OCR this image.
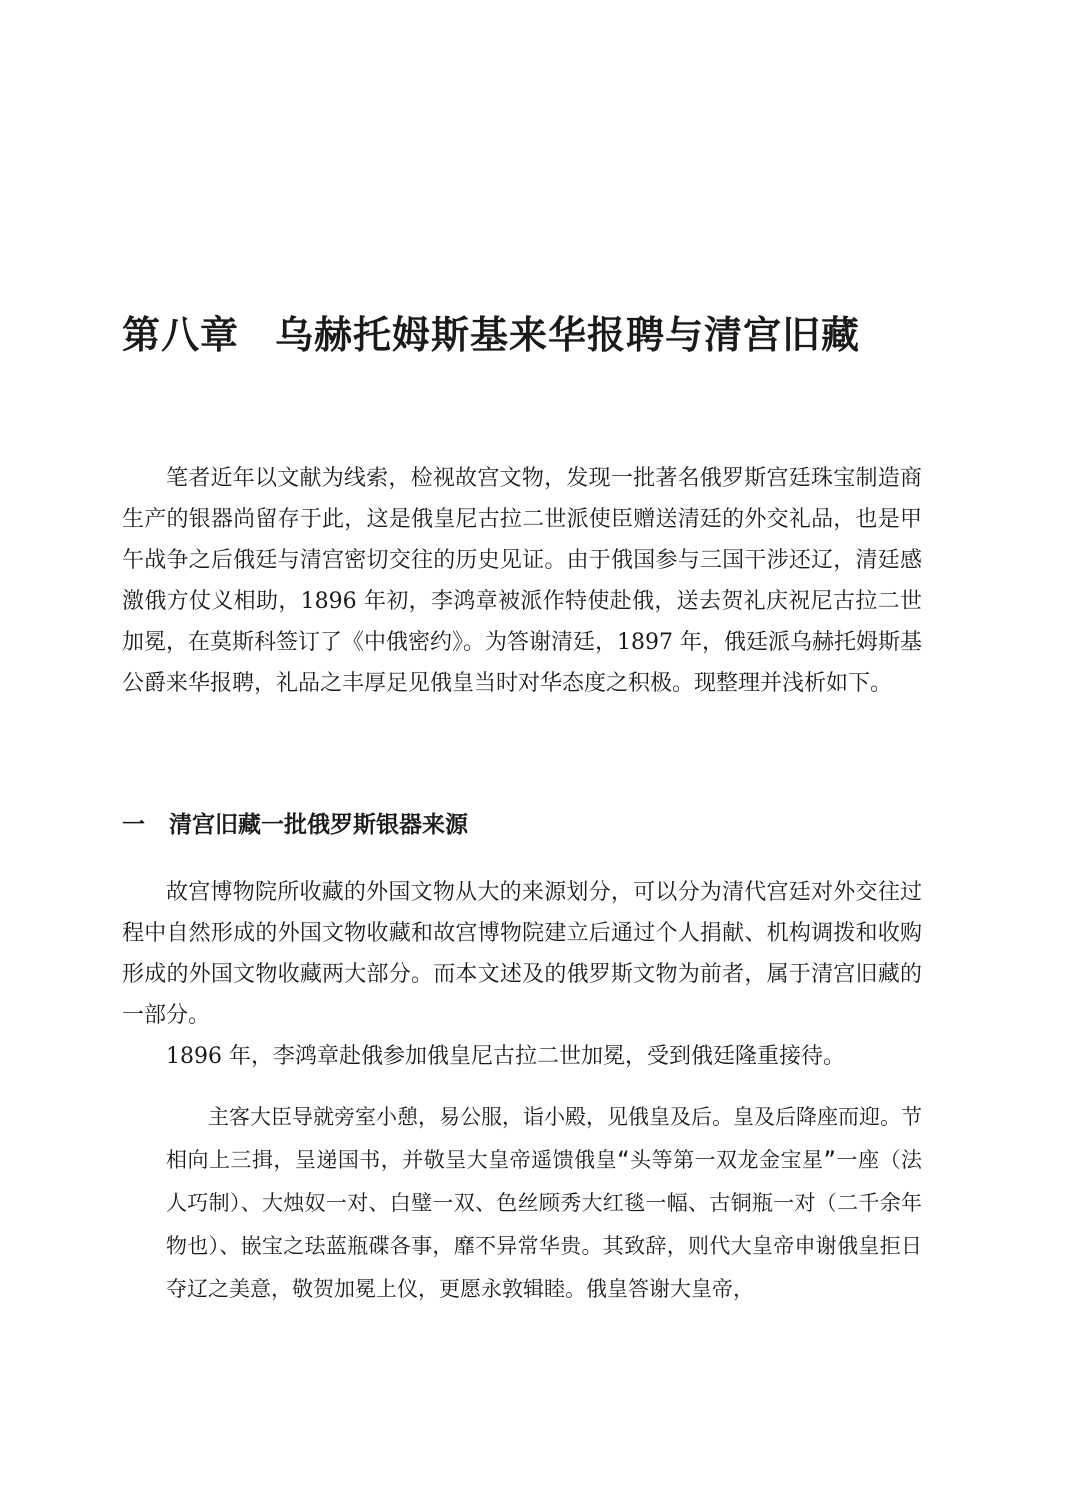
第八章 乌赫托姆斯基来华报聘与清宫旧藏

笔者近年以文献为线索，检视故宫文物，发现一批著名俄罗斯宫廷珠宝制造商生产的银器尚留存于此，这是俄皇尼古拉二世派使臣赠送清廷的外交礼品，也是甲午战争之后俄廷与清宫密切交往的历史见证。由于俄国参与三国干涉还辽，清廷感激俄方仗义相助，1896 年初，李鸿章被派作特使赴俄，送去贺礼庆祝尼古拉二世加冕，在莫斯科签订了《中俄密约》。为答谢清廷，1897 年，俄廷派乌赫托姆斯基公爵来华报聘，礼品之丰厚足见俄皇当时对华态度之积极。现整理并浅析如下。

一 清宫旧藏一批俄罗斯银器来源

故宫博物院所收藏的外国文物从大的来源划分，可以分为清代宫廷对外交往过程中自然形成的外国文物收藏和故宫博物院建立后通过个人捐献、机构调拨和收购形成的外国文物收藏两大部分。而本文述及的俄罗斯文物为前者，属于清宫旧藏的一部分。

1896 年，李鸿章赴俄参加俄皇尼古拉二世加冕，受到俄廷隆重接待。

主客大臣导就旁室小憩，易公服，诣小殿，见俄皇及后。皇及后降座而迎。节相向上三揖，呈递国书，并敬呈大皇帝遥馈俄皇“头等第一双龙金宝星”一座（法人巧制）、大烛奴一对、白璧一双、色丝顾秀大红毯一幅、古铜瓶一对（二千余年物也）、嵌宝之珐蓝瓶碟各事，靡不异常华贵。其致辞，则代大皇帝申谢俄皇拒日夺辽之美意，敬贺加冕上仪，更愿永敦辑睦。俄皇答谢大皇帝，
